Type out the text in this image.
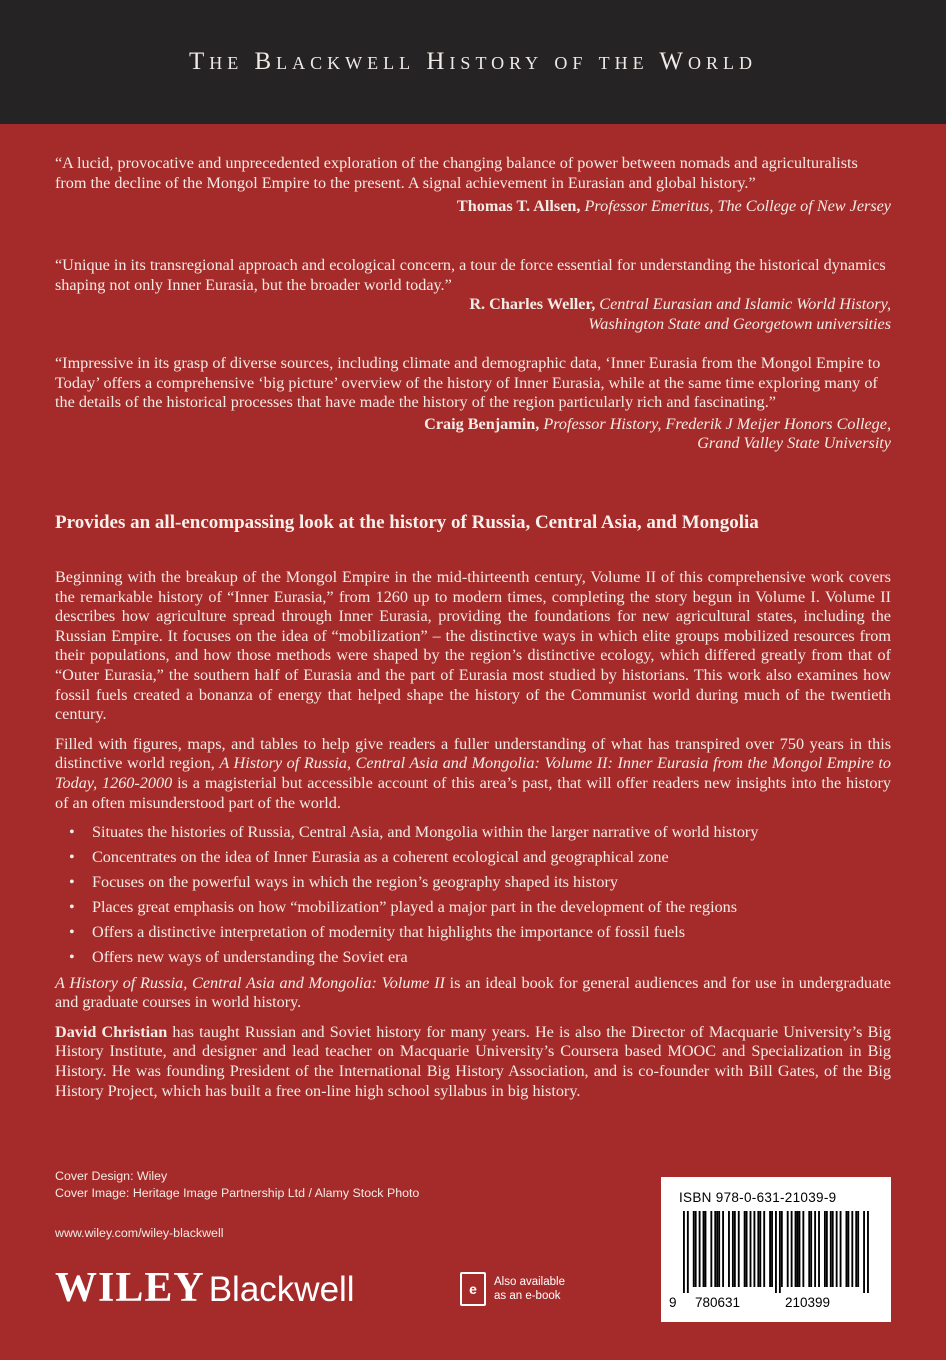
The Blackwell History of the World

“A lucid, provocative and unprecedented exploration of the changing balance of power between nomads and agriculturalists from the decline of the Mongol Empire to the present. A signal achievement in Eurasian and global history.”

Thomas T. Allsen, Professor Emeritus, The College of New Jersey

“Unique in its transregional approach and ecological concern, a tour de force essential for understanding the historical dynamics shaping not only Inner Eurasia, but the broader world today.”

R. Charles Weller, Central Eurasian and Islamic World History,
Washington State and Georgetown universities

“Impressive in its grasp of diverse sources, including climate and demographic data, ‘Inner Eurasia from the Mongol Empire to Today’ offers a comprehensive ‘big picture’ overview of the history of Inner Eurasia, while at the same time exploring many of the details of the historical processes that have made the history of the region particularly rich and fascinating.”

Craig Benjamin, Professor History, Frederik J Meijer Honors College,
Grand Valley State University

Provides an all-encompassing look at the history of Russia, Central Asia, and Mongolia

Beginning with the breakup of the Mongol Empire in the mid-thirteenth century, Volume II of this comprehensive work covers the remarkable history of “Inner Eurasia,” from 1260 up to modern times, completing the story begun in Volume I. Volume II describes how agriculture spread through Inner Eurasia, providing the foundations for new agricultural states, including the Russian Empire. It focuses on the idea of “mobilization” – the distinctive ways in which elite groups mobilized resources from their populations, and how those methods were shaped by the region’s distinctive ecology, which differed greatly from that of “Outer Eurasia,” the southern half of Eurasia and the part of Eurasia most studied by historians. This work also examines how fossil fuels created a bonanza of energy that helped shape the history of the Communist world during much of the twentieth century.

Filled with figures, maps, and tables to help give readers a fuller understanding of what has transpired over 750 years in this distinctive world region, A History of Russia, Central Asia and Mongolia: Volume II: Inner Eurasia from the Mongol Empire to Today, 1260-2000 is a magisterial but accessible account of this area’s past, that will offer readers new insights into the history of an often misunderstood part of the world.

• Situates the histories of Russia, Central Asia, and Mongolia within the larger narrative of world history
• Concentrates on the idea of Inner Eurasia as a coherent ecological and geographical zone
• Focuses on the powerful ways in which the region’s geography shaped its history
• Places great emphasis on how “mobilization” played a major part in the development of the regions
• Offers a distinctive interpretation of modernity that highlights the importance of fossil fuels
• Offers new ways of understanding the Soviet era

A History of Russia, Central Asia and Mongolia: Volume II is an ideal book for general audiences and for use in undergraduate and graduate courses in world history.

David Christian has taught Russian and Soviet history for many years. He is also the Director of Macquarie University’s Big History Institute, and designer and lead teacher on Macquarie University’s Coursera based MOOC and Specialization in Big History. He was founding President of the International Big History Association, and is co-founder with Bill Gates, of the Big History Project, which has built a free on-line high school syllabus in big history.

Cover Design: Wiley
Cover Image: Heritage Image Partnership Ltd / Alamy Stock Photo
www.wiley.com/wiley-blackwell
WILEY Blackwell	e	Also available
as an e-book
ISBN 978-0-631-21039-9
9 780631	210399
